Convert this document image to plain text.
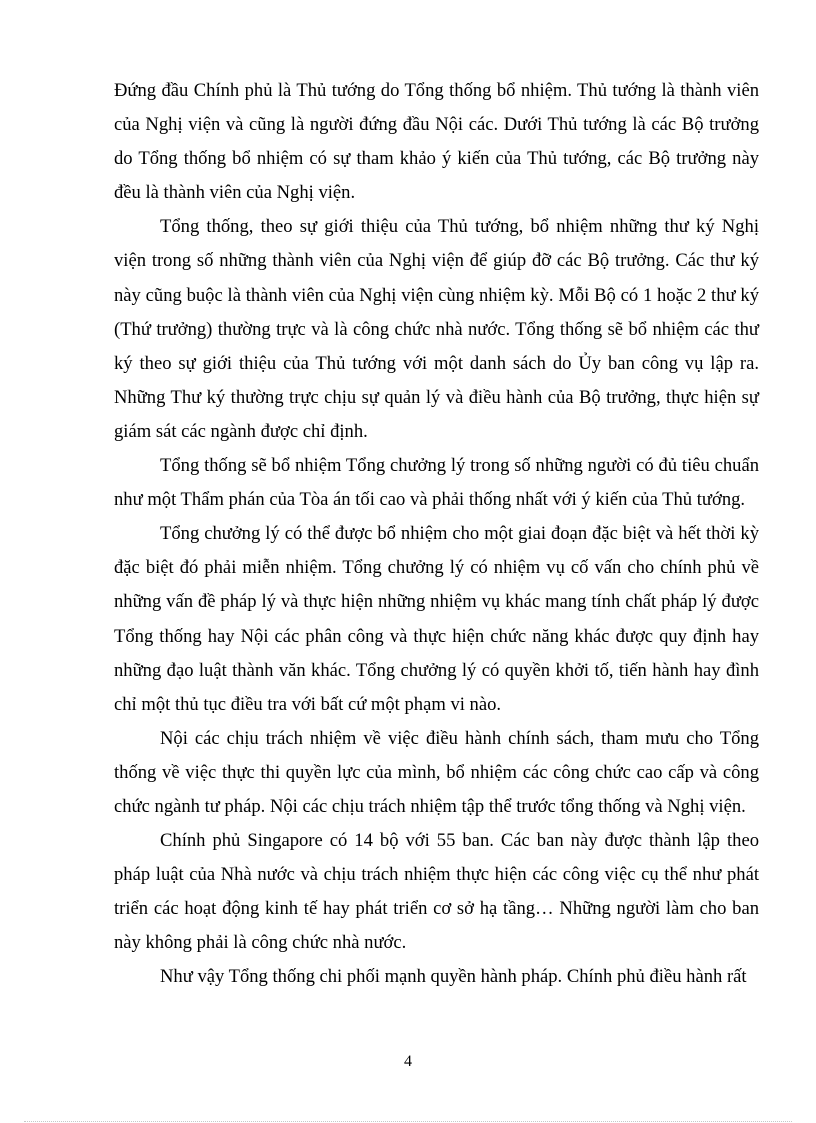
Đứng đầu Chính phủ là Thủ tướng do Tổng thống bổ nhiệm. Thủ tướng là thành viên của Nghị viện và cũng là người đứng đầu Nội các. Dưới Thủ tướng là các Bộ trưởng do Tổng thống bổ nhiệm có sự tham khảo ý kiến của Thủ tướng, các Bộ trưởng này đều là thành viên của Nghị viện.

Tổng thống, theo sự giới thiệu của Thủ tướng, bổ nhiệm những thư ký Nghị viện trong số những thành viên của Nghị viện để giúp đỡ các Bộ trưởng. Các thư ký này cũng buộc là thành viên của Nghị viện cùng nhiệm kỳ. Mỗi Bộ có 1 hoặc 2 thư ký (Thứ trưởng) thường trực và là công chức nhà nước. Tổng thống sẽ bổ nhiệm các thư ký theo sự giới thiệu của Thủ tướng với một danh sách do Ủy ban công vụ lập ra. Những Thư ký thường trực chịu sự quản lý và điều hành của Bộ trưởng, thực hiện sự giám sát các ngành được chỉ định.

Tổng thống sẽ bổ nhiệm Tổng chưởng lý trong số những người có đủ tiêu chuẩn như một Thẩm phán của Tòa án tối cao và phải thống nhất với ý kiến của Thủ tướng.

Tổng chưởng lý có thể được bổ nhiệm cho một giai đoạn đặc biệt và hết thời kỳ đặc biệt đó phải miễn nhiệm. Tổng chưởng lý có nhiệm vụ cố vấn cho chính phủ về những vấn đề pháp lý và thực hiện những nhiệm vụ khác mang tính chất pháp lý được Tổng thống hay Nội các phân công và thực hiện chức năng khác được quy định hay những đạo luật thành văn khác. Tổng chưởng lý có quyền khởi tố, tiến hành hay đình chỉ một thủ tục điều tra với bất cứ một phạm vi nào.

Nội các chịu trách nhiệm về việc điều hành chính sách, tham mưu cho Tổng thống về việc thực thi quyền lực của mình, bổ nhiệm các công chức cao cấp và công chức ngành tư pháp. Nội các chịu trách nhiệm tập thể trước tổng thống và Nghị viện.

Chính phủ Singapore có 14 bộ với 55 ban. Các ban này được thành lập theo pháp luật của Nhà nước và chịu trách nhiệm thực hiện các công việc cụ thể như phát triển các hoạt động kinh tế hay phát triển cơ sở hạ tầng… Những người làm cho ban này không phải là công chức nhà nước.

Như vậy Tổng thống chi phối mạnh quyền hành pháp. Chính phủ điều hành rất

4
